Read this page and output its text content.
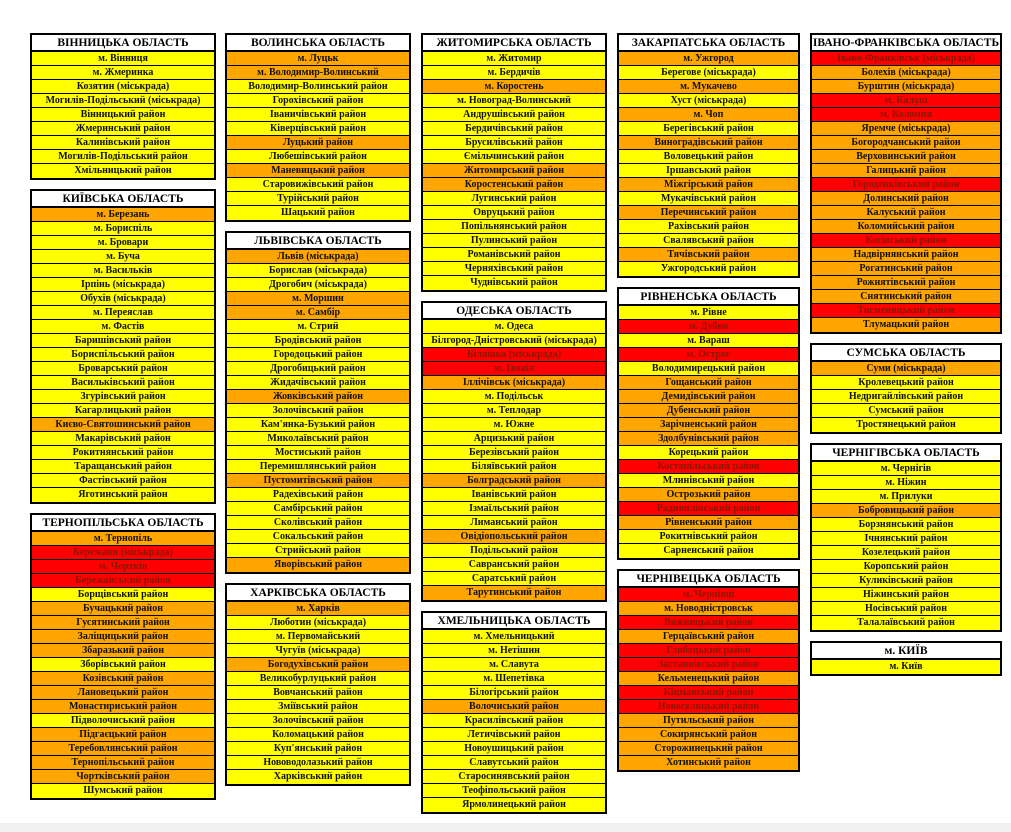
ВІННИЦЬКА ОБЛАСТЬ
м. Вінниця
м. Жмеринка
Козятин (міськрада)
Могилів-Подільський (міськрада)
Вінницький район
Жмеринський район
Калинівський район
Могилів-Подільський район
Хмільницький район
КИЇВСЬКА ОБЛАСТЬ
м. Березань
м. Бориспіль
м. Бровари
м. Буча
м. Васильків
Ірпінь (міськрада)
Обухів (міськрада)
м. Переяслав
м. Фастів
Баришівський район
Бориспільський район
Броварський район
Васильківський район
Згурівський район
Кагарлицький район
Києво-Святошинський район
Макарівський район
Рокитнянський район
Таращанський район
Фастівський район
Яготинський район
ТЕРНОПІЛЬСЬКА ОБЛАСТЬ
м. Тернопіль
Бережани (міськрада)
м. Чортків
Бережанський район
Борщівський район
Бучацький район
Гусятинський район
Заліщицький район
Збаразький район
Зборівський район
Козівський район
Лановецький район
Монастириський район
Підволочиський район
Підгаєцький район
Теребовлянський район
Тернопільський район
Чортківський район
Шумський район
ВОЛИНСЬКА ОБЛАСТЬ
м. Луцьк
м. Володимир-Волинський
Володимир-Волинський район
Горохівський район
Іваничівський район
Ківерцівський район
Луцький район
Любешівський район
Маневицький район
Старовижівський район
Турійський район
Шацький район
ЛЬВІВСЬКА ОБЛАСТЬ
Львів (міськрада)
Борислав (міськрада)
Дрогобич (міськрада)
м. Моршин
м. Самбір
м. Стрий
Бродівський район
Городоцький район
Дрогобицький район
Жидачівський район
Жовківський район
Золочівський район
Кам'янка-Бузький район
Миколаївський район
Мостиський район
Перемишлянський район
Пустомитівський район
Радехівський район
Самбірський район
Сколівський район
Сокальський район
Стрийський район
Яворівський район
ХАРКІВСЬКА ОБЛАСТЬ
м. Харків
Люботин (міськрада)
м. Первомайський
Чугуїв (міськрада)
Богодухівський район
Великобурлуцький район
Вовчанський район
Зміївський район
Золочівський район
Коломацький район
Куп'янський район
Нововодолазький район
Харківський район
ЖИТОМИРСЬКА ОБЛАСТЬ
м. Житомир
м. Бердичів
м. Коростень
м. Новоград-Волинський
Андрушівський район
Бердичівський район
Брусилівський район
Ємільчинський район
Житомирський район
Коростенський район
Лугинський район
Овруцький район
Попільнянський район
Пулинський район
Романівський район
Черняхівський район
Чуднівський район
ОДЕСЬКА ОБЛАСТЬ
м. Одеса
Білгород-Дністровський (міськрада)
Біляївка (міськрада)
м. Ізмаїл
Іллічівськ (міськрада)
м. Подільськ
м. Теплодар
м. Южне
Арцизький район
Березівський район
Біляївський район
Болградський район
Іванівський район
Ізмаїльський район
Лиманський район
Овідіопольський район
Подільський район
Савранський район
Саратський район
Тарутинський район
ХМЕЛЬНИЦЬКА ОБЛАСТЬ
м. Хмельницький
м. Нетішин
м. Славута
м. Шепетівка
Білогірський район
Волочиський район
Красилівський район
Летичівський район
Новоушицький район
Славутський район
Старосинявський район
Теофіпольський район
Ярмолинецький район
ЗАКАРПАТСЬКА ОБЛАСТЬ
м. Ужгород
Берегове (міськрада)
м. Мукачево
Хуст (міськрада)
м. Чоп
Берегівський район
Виноградівський район
Воловецький район
Іршавський район
Міжгірський район
Мукачівський район
Перечинський район
Рахівський район
Свалявський район
Тячівський район
Ужгородський район
РІВНЕНСЬКА ОБЛАСТЬ
м. Рівне
м. Дубно
м. Вараш
м. Острог
Володимирецький район
Гощанський район
Демидівський район
Дубенський район
Зарічненський район
Здолбунівський район
Корецький район
Костопільський район
Млинівський район
Острозький район
Радивилівський район
Рівненський район
Рокитнівський район
Сарненський район
ЧЕРНІВЕЦЬКА ОБЛАСТЬ
м. Чернівці
м. Новодністровськ
Вижницький район
Герцаївський район
Глибоцький район
Заставнівський район
Кельменецький район
Кіцманський район
Новоселицький район
Путильський район
Сокирянський район
Сторожинецький район
Хотинський район
ІВАНО-ФРАНКІВСЬКА ОБЛАСТЬ
Івано-Франківськ (міськрада)
Болехів (міськрада)
Бурштин (міськрада)
м. Калуш
м. Коломия
Яремче (міськрада)
Богородчанський район
Верховинський район
Галицький район
Городенківський район
Долинський район
Калуський район
Коломийський район
Косівський район
Надвірнянський район
Рогатинський район
Рожнятівський район
Снятинський район
Тисменицький район
Тлумацький район
СУМСЬКА ОБЛАСТЬ
Суми (міськрада)
Кролевецький район
Недригайлівський район
Сумський район
Тростянецький район
ЧЕРНІГІВСЬКА ОБЛАСТЬ
м. Чернігів
м. Ніжин
м. Прилуки
Бобровицький район
Борзнянський район
Ічнянський район
Козелецький район
Коропський район
Куликівський район
Ніжинський район
Носівський район
Талалаївський район
м. КИЇВ
м. Київ
